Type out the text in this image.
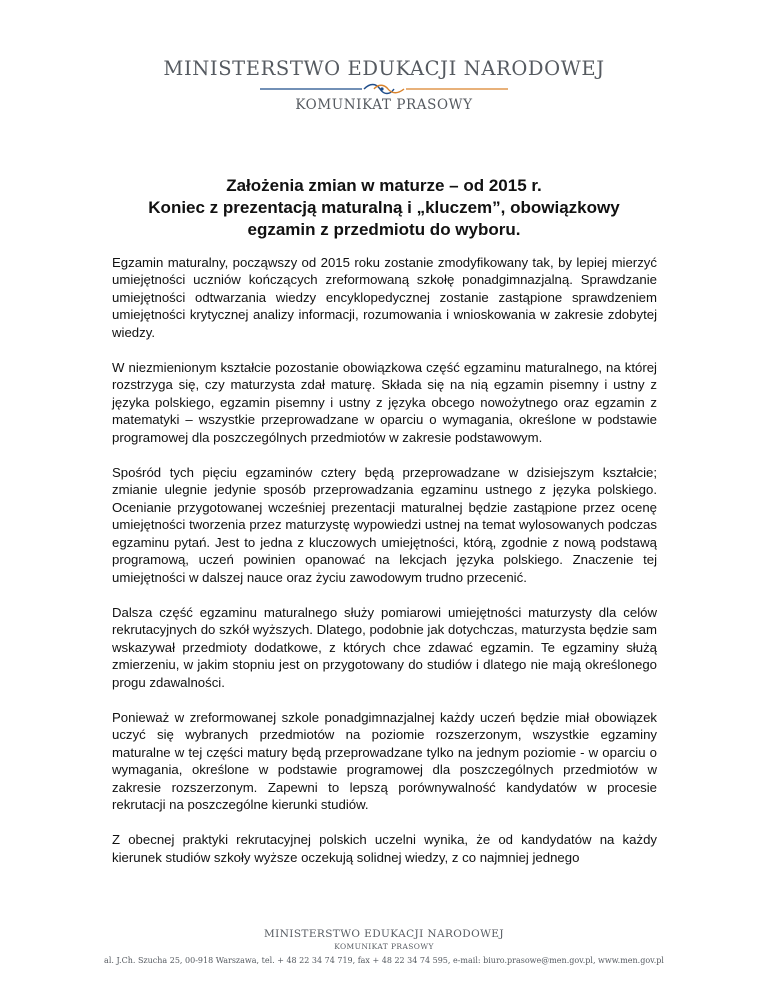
MINISTERSTWO EDUKACJI NARODOWEJ
KOMUNIKAT PRASOWY
Założenia zmian w maturze – od 2015 r.
Koniec z prezentacją maturalną i „kluczem”, obowiązkowy
egzamin z przedmiotu do wyboru.

Egzamin maturalny, począwszy od 2015 roku zostanie zmodyfikowany tak, by lepiej mierzyć umiejętności uczniów kończących zreformowaną szkołę ponadgimnazjalną. Sprawdzanie umiejętności odtwarzania wiedzy encyklopedycznej zostanie zastąpione sprawdzeniem umiejętności krytycznej analizy informacji, rozumowania i wnioskowania w zakresie zdobytej wiedzy.

W niezmienionym kształcie pozostanie obowiązkowa część egzaminu maturalnego, na której rozstrzyga się, czy maturzysta zdał maturę. Składa się na nią egzamin pisemny i ustny z języka polskiego, egzamin pisemny i ustny z języka obcego nowożytnego oraz egzamin z matematyki – wszystkie przeprowadzane w oparciu o wymagania, określone w podstawie programowej dla poszczególnych przedmiotów w zakresie podstawowym.

Spośród tych pięciu egzaminów cztery będą przeprowadzane w dzisiejszym kształcie; zmianie ulegnie jedynie sposób przeprowadzania egzaminu ustnego z języka polskiego. Ocenianie przygotowanej wcześniej prezentacji maturalnej będzie zastąpione przez ocenę umiejętności tworzenia przez maturzystę wypowiedzi ustnej na temat wylosowanych podczas egzaminu pytań. Jest to jedna z kluczowych umiejętności, którą, zgodnie z nową podstawą programową, uczeń powinien opanować na lekcjach języka polskiego. Znaczenie tej umiejętności w dalszej nauce oraz życiu zawodowym trudno przecenić.

Dalsza część egzaminu maturalnego służy pomiarowi umiejętności maturzysty dla celów rekrutacyjnych do szkół wyższych. Dlatego, podobnie jak dotychczas, maturzysta będzie sam wskazywał przedmioty dodatkowe, z których chce zdawać egzamin. Te egzaminy służą zmierzeniu, w jakim stopniu jest on przygotowany do studiów i dlatego nie mają określonego progu zdawalności.

Ponieważ w zreformowanej szkole ponadgimnazjalnej każdy uczeń będzie miał obowiązek uczyć się wybranych przedmiotów na poziomie rozszerzonym, wszystkie egzaminy maturalne w tej części matury będą przeprowadzane tylko na jednym poziomie - w oparciu o wymagania, określone w podstawie programowej dla poszczególnych przedmiotów w zakresie rozszerzonym. Zapewni to lepszą porównywalność kandydatów w procesie rekrutacji na poszczególne kierunki studiów.

Z obecnej praktyki rekrutacyjnej polskich uczelni wynika, że od kandydatów na każdy kierunek studiów szkoły wyższe oczekują solidnej wiedzy, z co najmniej jednego

MINISTERSTWO EDUKACJI NARODOWEJ
KOMUNIKAT PRASOWY
al. J.Ch. Szucha 25, 00-918 Warszawa, tel. + 48 22 34 74 719, fax + 48 22 34 74 595, e-mail: biuro.prasowe@men.gov.pl, www.men.gov.pl
